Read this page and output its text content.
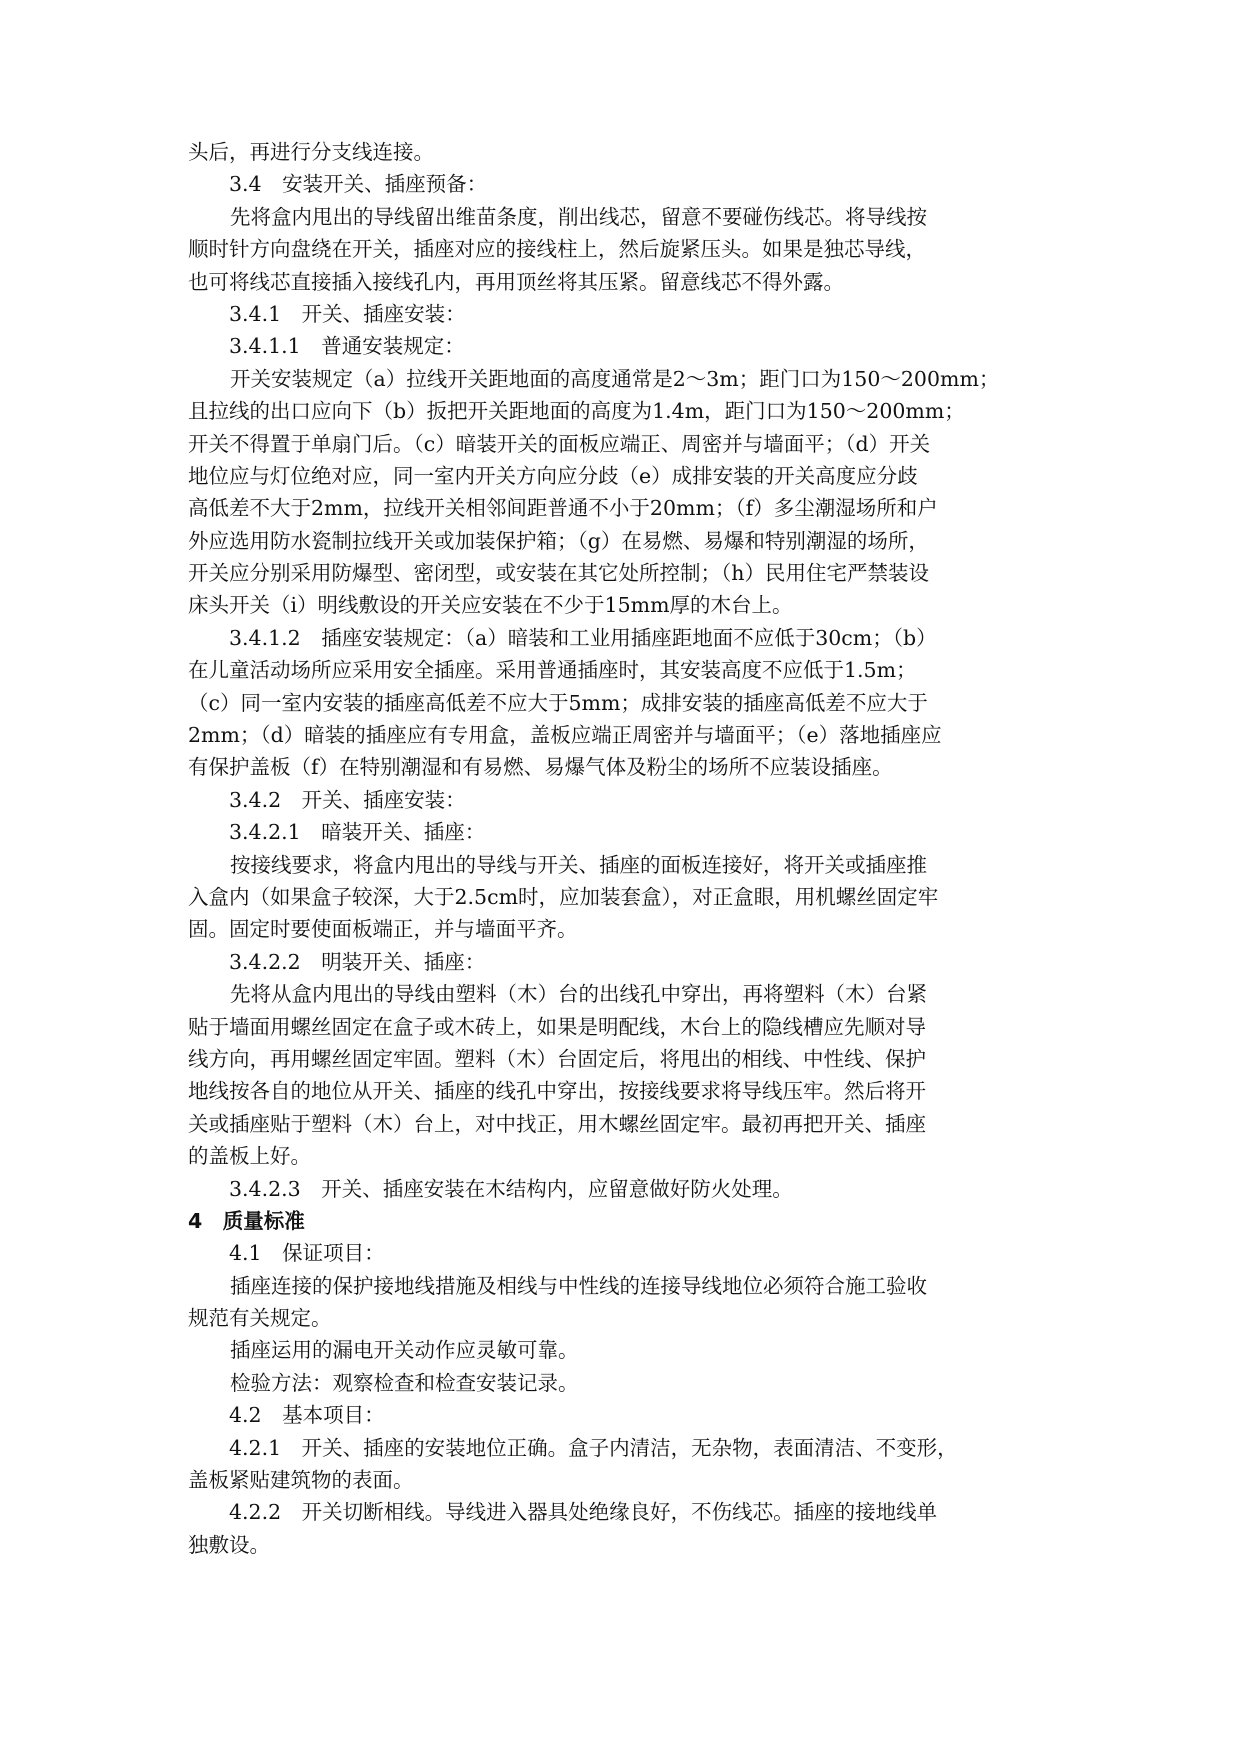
头后，再进行分支线连接。
3.4　安装开关、插座预备：
先将盒内甩出的导线留出维苗条度，削出线芯，留意不要碰伤线芯。将导线按
顺时针方向盘绕在开关，插座对应的接线柱上，然后旋紧压头。如果是独芯导线，
也可将线芯直接插入接线孔内，再用顶丝将其压紧。留意线芯不得外露。
3.4.1　开关、插座安装：
3.4.1.1　普通安装规定：
开关安装规定（a）拉线开关距地面的高度通常是2～3m；距门口为150～200mm；
且拉线的出口应向下（b）扳把开关距地面的高度为1.4m，距门口为150～200mm；
开关不得置于单扇门后。（c）暗装开关的面板应端正、周密并与墙面平；（d）开关
地位应与灯位绝对应，同一室内开关方向应分歧（e）成排安装的开关高度应分歧
高低差不大于2mm，拉线开关相邻间距普通不小于20mm；（f）多尘潮湿场所和户
外应选用防水瓷制拉线开关或加装保护箱；（g）在易燃、易爆和特别潮湿的场所，
开关应分别采用防爆型、密闭型，或安装在其它处所控制；（h）民用住宅严禁装设
床头开关（i）明线敷设的开关应安装在不少于15mm厚的木台上。
3.4.1.2　插座安装规定：（a）暗装和工业用插座距地面不应低于30cm；（b）
在儿童活动场所应采用安全插座。采用普通插座时，其安装高度不应低于1.5m；
（c）同一室内安装的插座高低差不应大于5mm；成排安装的插座高低差不应大于
2mm；（d）暗装的插座应有专用盒，盖板应端正周密并与墙面平；（e）落地插座应
有保护盖板（f）在特别潮湿和有易燃、易爆气体及粉尘的场所不应装设插座。
3.4.2　开关、插座安装：
3.4.2.1　暗装开关、插座：
按接线要求，将盒内甩出的导线与开关、插座的面板连接好，将开关或插座推
入盒内（如果盒子较深，大于2.5cm时，应加装套盒），对正盒眼，用机螺丝固定牢
固。固定时要使面板端正，并与墙面平齐。
3.4.2.2　明装开关、插座：
先将从盒内甩出的导线由塑料（木）台的出线孔中穿出，再将塑料（木）台紧
贴于墙面用螺丝固定在盒子或木砖上，如果是明配线，木台上的隐线槽应先顺对导
线方向，再用螺丝固定牢固。塑料（木）台固定后，将甩出的相线、中性线、保护
地线按各自的地位从开关、插座的线孔中穿出，按接线要求将导线压牢。然后将开
关或插座贴于塑料（木）台上，对中找正，用木螺丝固定牢。最初再把开关、插座
的盖板上好。
3.4.2.3　开关、插座安装在木结构内，应留意做好防火处理。
4　质量标准
4.1　保证项目：
插座连接的保护接地线措施及相线与中性线的连接导线地位必须符合施工验收
规范有关规定。
插座运用的漏电开关动作应灵敏可靠。
检验方法：观察检查和检查安装记录。
4.2　基本项目：
4.2.1　开关、插座的安装地位正确。盒子内清洁，无杂物，表面清洁、不变形，
盖板紧贴建筑物的表面。
4.2.2　开关切断相线。导线进入器具处绝缘良好，不伤线芯。插座的接地线单
独敷设。
